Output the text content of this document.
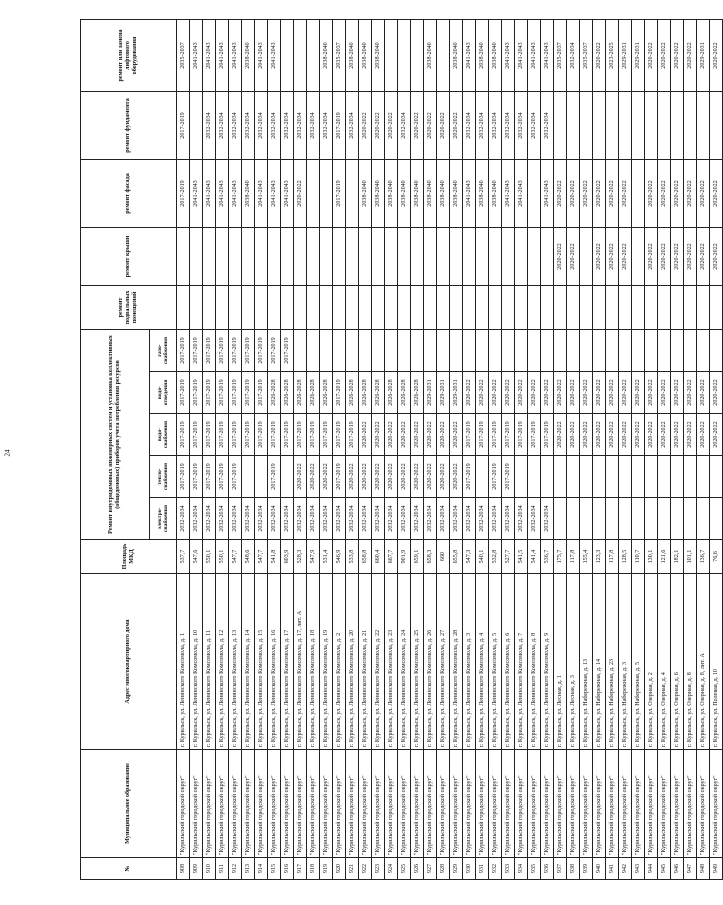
24
№	Муниципальное образование	Адрес многоквартирного дома	Площадь МКД	Ремонт внутридомовых инженерных систем и установка коллективных (общедомовых) приборов учета потребления ресурсов					ремонт подвальных помещений	ремонт крыши	ремонт фасада	ремонт фундамента	ремонт или замена лифтового оборудования
				электро-снабжения	тепло-снабжения	водо-снабжения	водо-отведения	газо-снабжения					
908	"Курильский городской округ"	г. Курильск, ул. Ленинского Комсомола, д. 1	537,7	2032-2034	2017-2019	2017-2019	2017-2019	2017-2019			2017-2019	2017-2019	2035-2037
909	"Курильский городской округ"	г. Курильск, ул. Ленинского Комсомола, д. 10	547,6	2032-2034	2017-2019	2017-2019	2017-2019	2017-2019			2041-2043		2041-2043
910	"Курильский городской округ"	г. Курильск, ул. Ленинского Комсомола, д. 11	550,1	2032-2034	2017-2019	2017-2019	2017-2019	2017-2019			2041-2043	2032-2034	2041-2043
911	"Курильский городской округ"	г. Курильск, ул. Ленинского Комсомола, д. 12	550,1	2032-2034	2017-2019	2017-2019	2017-2019	2017-2019			2041-2043	2032-2034	2041-2043
912	"Курильский городской округ"	г. Курильск, ул. Ленинского Комсомола, д. 13	547,7	2032-2034	2017-2019	2017-2019	2017-2019	2017-2019			2041-2043	2032-2034	2041-2043
913	"Курильский городской округ"	г. Курильск, ул. Ленинского Комсомола, д. 14	548,6	2032-2034		2017-2019	2017-2019	2017-2019			2038-2040	2032-2034	2038-2040
914	"Курильский городской округ"	г. Курильск, ул. Ленинского Комсомола, д. 15	547,7	2032-2034		2017-2019	2017-2019	2017-2019			2041-2043	2032-2034	2041-2043
915	"Курильский городской округ"	г. Курильск, ул. Ленинского Комсомола, д. 16	541,8	2032-2034	2017-2019	2017-2019	2026-2028	2017-2019			2041-2043	2032-2034	2041-2043
916	"Курильский городской округ"	г. Курильск, ул. Ленинского Комсомола, д. 17	603,9	2032-2034		2017-2019	2026-2028	2017-2019			2041-2043	2032-2034	
917	"Курильский городской округ"	г. Курильск, ул. Ленинского Комсомола, д. 17, лит. А	528,3	2032-2034	2020-2022	2017-2019	2026-2028				2020-2022	2032-2034	
918	"Курильский городской округ"	г. Курильск, ул. Ленинского Комсомола, д. 18	547,9	2032-2034	2020-2022	2017-2019	2026-2028					2032-2034	
919	"Курильский городской округ"	г. Курильск, ул. Ленинского Комсомола, д. 19	531,4	2032-2034	2020-2022	2017-2019	2026-2028					2032-2034	2038-2040
920	"Курильский городской округ"	г. Курильск, ул. Ленинского Комсомола, д. 2	546,9	2032-2034	2017-2019	2017-2019	2017-2019				2017-2019	2017-2019	2035-2037
921	"Курильский городской округ"	г. Курильск, ул. Ленинского Комсомола, д. 20	533,8	2032-2034	2020-2022	2017-2019	2026-2028					2032-2034	2038-2040
922	"Курильский городской округ"	г. Курильск, ул. Ленинского Комсомола, д. 21	658,8	2032-2034	2020-2022	2020-2022	2026-2028				2038-2040	2020-2022	2038-2040
923	"Курильский городской округ"	г. Курильск, ул. Ленинского Комсомола, д. 22	660,4	2032-2034	2020-2022	2020-2022	2026-2028				2038-2040	2020-2022	2038-2040
924	"Курильский городской округ"	г. Курильск, ул. Ленинского Комсомола, д. 23	667,7	2032-2034	2020-2022	2020-2022	2026-2028				2038-2040	2020-2022	
925	"Курильский городской округ"	г. Курильск, ул. Ленинского Комсомола, д. 24	901,9	2032-2034	2020-2022	2020-2022	2026-2028				2038-2040	2032-2034	
926	"Курильский городской округ"	г. Курильск, ул. Ленинского Комсомола, д. 25	659,1	2032-2034	2020-2022	2020-2022	2026-2028				2038-2040	2020-2022	
927	"Курильский городской округ"	г. Курильск, ул. Ленинского Комсомола, д. 26	658,3	2032-2034	2020-2022	2020-2022	2029-2031				2038-2040	2020-2022	2038-2040
928	"Курильский городской округ"	г. Курильск, ул. Ленинского Комсомола, д. 27	660	2032-2034	2020-2022	2020-2022	2029-2031				2038-2040	2020-2022	
929	"Курильский городской округ"	г. Курильск, ул. Ленинского Комсомола, д. 28	655,8	2032-2034	2020-2022	2020-2022	2029-2031				2038-2040	2020-2022	2038-2040
930	"Курильский городской округ"	г. Курильск, ул. Ленинского Комсомола, д. 3	547,3	2032-2034	2017-2019	2017-2019	2020-2022				2041-2043	2032-2034	2041-2043
931	"Курильский городской округ"	г. Курильск, ул. Ленинского Комсомола, д. 4	540,1	2032-2034		2017-2019	2020-2022				2038-2040	2032-2034	2038-2040
932	"Курильский городской округ"	г. Курильск, ул. Ленинского Комсомола, д. 5	532,8	2032-2034	2017-2019	2017-2019	2020-2022				2038-2040	2032-2034	2038-2040
933	"Курильский городской округ"	г. Курильск, ул. Ленинского Комсомола, д. 6	527,7	2032-2034	2017-2019	2017-2019	2020-2022				2041-2043	2032-2034	2041-2043
934	"Курильский городской округ"	г. Курильск, ул. Ленинского Комсомола, д. 7	541,5	2032-2034		2017-2019	2020-2022				2041-2043	2032-2034	2041-2043
935	"Курильский городской округ"	г. Курильск, ул. Ленинского Комсомола, д. 8	541,4	2032-2034		2017-2019	2020-2022					2032-2034	2041-2043
936	"Курильский городской округ"	г. Курильск, ул. Ленинского Комсомола, д. 9	536,7	2032-2034		2017-2019	2020-2022				2041-2043	2032-2034	2041-2043
937	"Курильский городской округ"	г. Курильск, ул. Лесная, д. 1	175,7			2020-2022	2020-2022			2020-2022	2020-2022		2035-2037
938	"Курильский городской округ"	г. Курильск, ул. Лесная, д. 3	117,8			2020-2022	2020-2022			2020-2022	2020-2022		2032-2034
939	"Курильский городской округ"	г. Курильск, ул. Набережная, д. 13	155,4			2020-2022	2020-2022				2020-2022		2035-2037
940	"Курильский городской округ"	г. Курильск, ул. Набережная, д. 14	123,3			2020-2022	2020-2022			2020-2022	2020-2022		2020-2022
941	"Курильский городской округ"	г. Курильск, ул. Набережная, д. 23	117,8			2020-2022	2020-2022			2020-2022	2020-2022		2023-2025
942	"Курильский городской округ"	г. Курильск, ул. Набережная, д. 3	128,5			2020-2022	2020-2022			2020-2022	2020-2022		2029-2031
943	"Курильский городской округ"	г. Курильск, ул. Набережная, д. 5	110,7			2020-2022	2020-2022						2029-2031
944	"Курильский городской округ"	г. Курильск, ул. Озерная, д. 2	130,1			2020-2022	2020-2022			2020-2022	2020-2022		2020-2022
945	"Курильский городской округ"	г. Курильск, ул. Озерная, д. 4	121,6			2020-2022	2020-2022			2020-2022	2020-2022		2020-2022
946	"Курильский городской округ"	г. Курильск, ул. Озерная, д. 6	182,1			2020-2022	2020-2022			2020-2022	2020-2022		2020-2022
947	"Курильский городской округ"	г. Курильск, ул. Озерная, д. 8	101,1			2020-2022	2020-2022			2020-2022	2020-2022		2020-2022
948	"Курильский городской округ"	г. Курильск, ул. Озерная, д. 8, лит. А	136,7			2020-2022	2020-2022			2020-2022	2020-2022		2029-2031
949	"Курильский городской округ"	г. Курильск, ул. Полевая, д. 10	76,6			2020-2022	2020-2022			2020-2022	2020-2022		2020-2022
